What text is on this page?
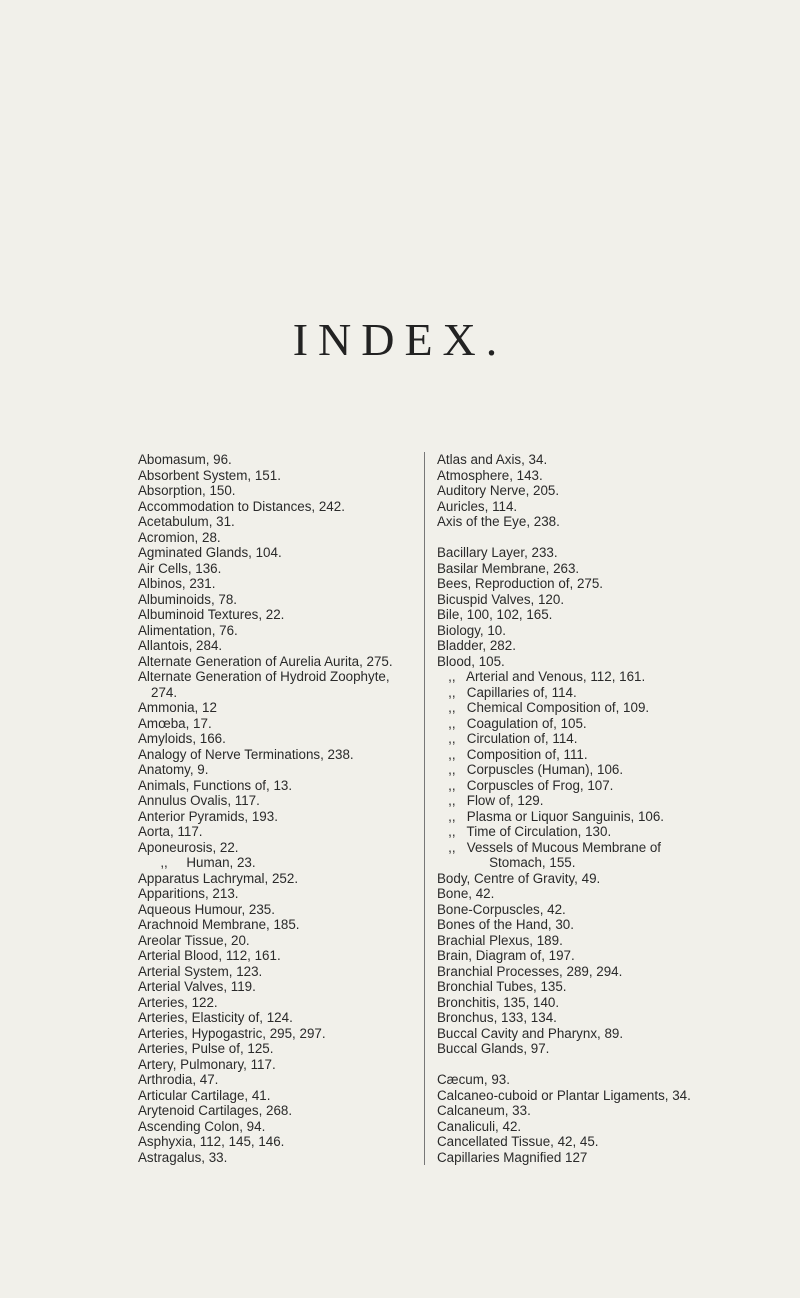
INDEX.
Abomasum, 96.
Absorbent System, 151.
Absorption, 150.
Accommodation to Distances, 242.
Acetabulum, 31.
Acromion, 28.
Agminated Glands, 104.
Air Cells, 136.
Albinos, 231.
Albuminoids, 78.
Albuminoid Textures, 22.
Alimentation, 76.
Allantois, 284.
Alternate Generation of Aurelia Aurita, 275.
Alternate Generation of Hydroid Zoophyte, 274.
Ammonia, 12
Amœba, 17.
Amyloids, 166.
Analogy of Nerve Terminations, 238.
Anatomy, 9.
Animals, Functions of, 13.
Annulus Ovalis, 117.
Anterior Pyramids, 193.
Aorta, 117.
Aponeurosis, 22.
,,     Human, 23.
Apparatus Lachrymal, 252.
Apparitions, 213.
Aqueous Humour, 235.
Arachnoid Membrane, 185.
Areolar Tissue, 20.
Arterial Blood, 112, 161.
Arterial System, 123.
Arterial Valves, 119.
Arteries, 122.
Arteries, Elasticity of, 124.
Arteries, Hypogastric, 295, 297.
Arteries, Pulse of, 125.
Artery, Pulmonary, 117.
Arthrodia, 47.
Articular Cartilage, 41.
Arytenoid Cartilages, 268.
Ascending Colon, 94.
Asphyxia, 112, 145, 146.
Astragalus, 33.
Atlas and Axis, 34.
Atmosphere, 143.
Auditory Nerve, 205.
Auricles, 114.
Axis of the Eye, 238.
Bacillary Layer, 233.
Basilar Membrane, 263.
Bees, Reproduction of, 275.
Bicuspid Valves, 120.
Bile, 100, 102, 165.
Biology, 10.
Bladder, 282.
Blood, 105.
,,   Arterial and Venous, 112, 161.
,,   Capillaries of, 114.
,,   Chemical Composition of, 109.
,,   Coagulation of, 105.
,,   Circulation of, 114.
,,   Composition of, 111.
,,   Corpuscles (Human), 106.
,,   Corpuscles of Frog, 107.
,,   Flow of, 129.
,,   Plasma or Liquor Sanguinis, 106.
,,   Time of Circulation, 130.
,,   Vessels of Mucous Membrane of
Stomach, 155.
Body, Centre of Gravity, 49.
Bone, 42.
Bone-Corpuscles, 42.
Bones of the Hand, 30.
Brachial Plexus, 189.
Brain, Diagram of, 197.
Branchial Processes, 289, 294.
Bronchial Tubes, 135.
Bronchitis, 135, 140.
Bronchus, 133, 134.
Buccal Cavity and Pharynx, 89.
Buccal Glands, 97.
Cæcum, 93.
Calcaneo-cuboid or Plantar Ligaments, 34.
Calcaneum, 33.
Canaliculi, 42.
Cancellated Tissue, 42, 45.
Capillaries Magnified 127
